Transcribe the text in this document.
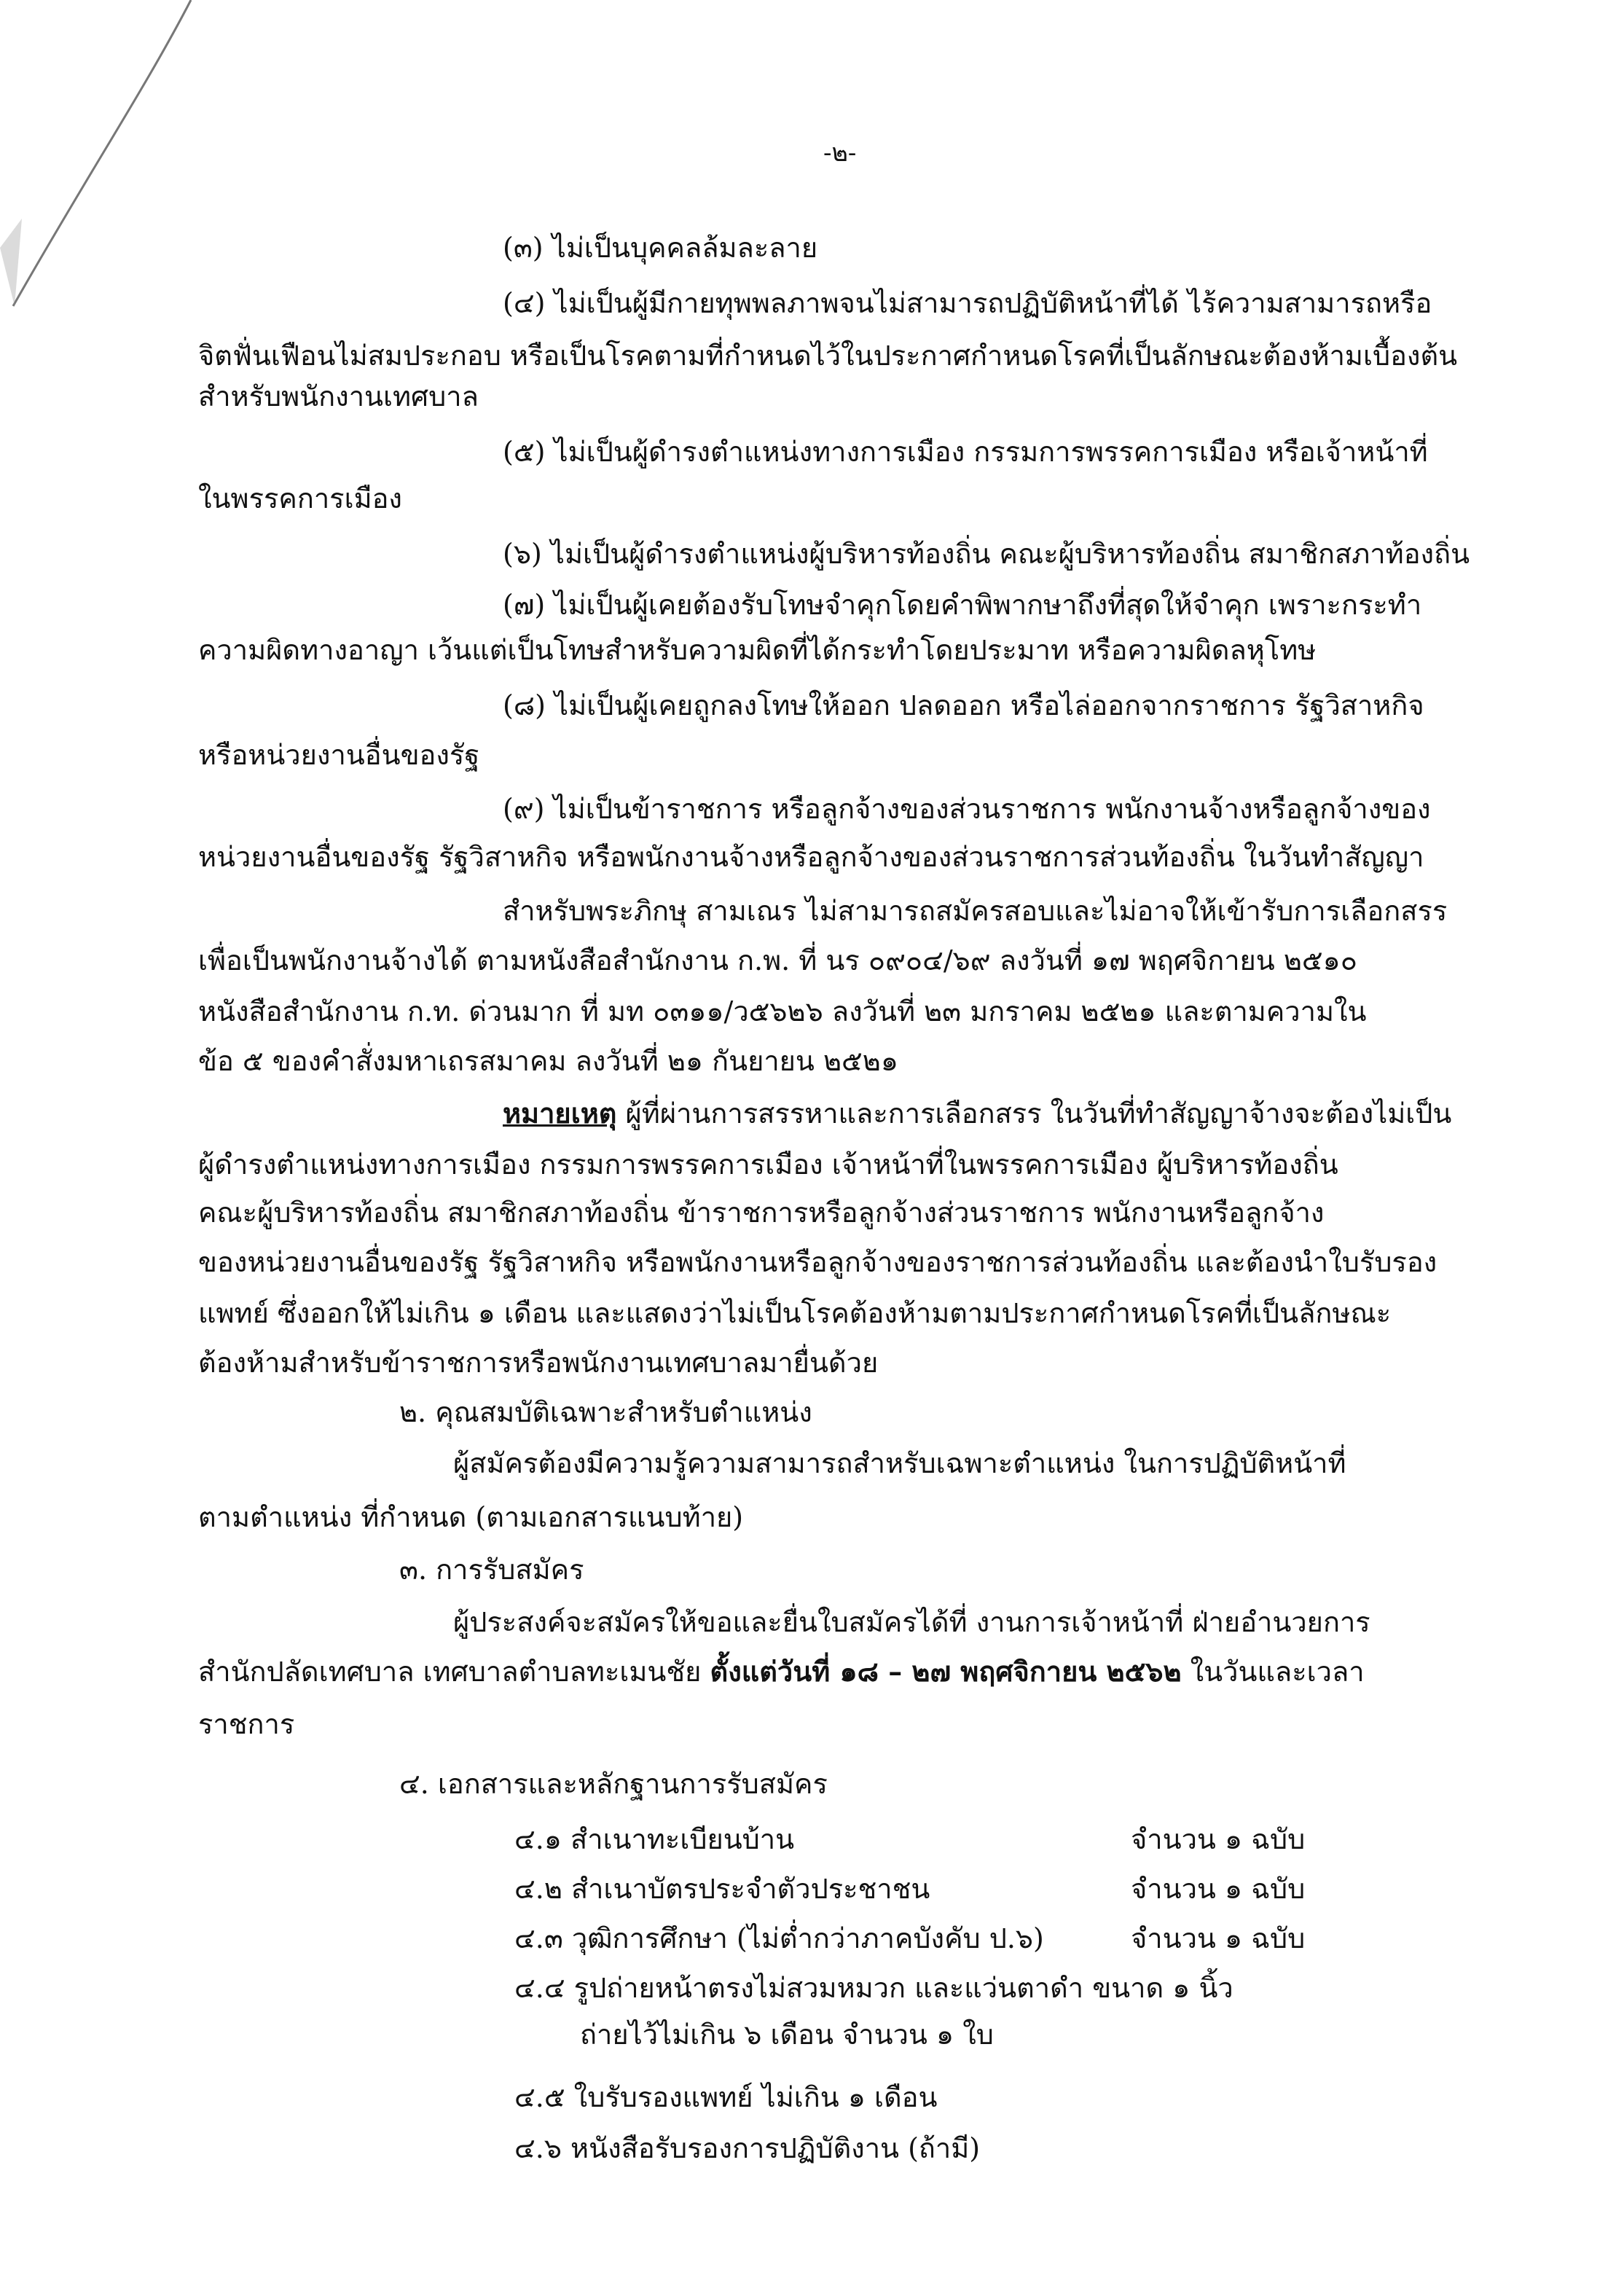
-๒-

(๓) ไม่เป็นบุคคลล้มละลาย

(๔) ไม่เป็นผู้มีกายทุพพลภาพจนไม่สามารถปฏิบัติหน้าที่ได้ ไร้ความสามารถหรือ

จิตฟั่นเฟือนไม่สมประกอบ หรือเป็นโรคตามที่กำหนดไว้ในประกาศกำหนดโรคที่เป็นลักษณะต้องห้ามเบื้องต้น

สำหรับพนักงานเทศบาล

(๕) ไม่เป็นผู้ดำรงตำแหน่งทางการเมือง กรรมการพรรคการเมือง หรือเจ้าหน้าที่

ในพรรคการเมือง

(๖) ไม่เป็นผู้ดำรงตำแหน่งผู้บริหารท้องถิ่น คณะผู้บริหารท้องถิ่น สมาชิกสภาท้องถิ่น

(๗) ไม่เป็นผู้เคยต้องรับโทษจำคุกโดยคำพิพากษาถึงที่สุดให้จำคุก เพราะกระทำ

ความผิดทางอาญา เว้นแต่เป็นโทษสำหรับความผิดที่ได้กระทำโดยประมาท หรือความผิดลหุโทษ

(๘) ไม่เป็นผู้เคยถูกลงโทษให้ออก ปลดออก หรือไล่ออกจากราชการ รัฐวิสาหกิจ

หรือหน่วยงานอื่นของรัฐ

(๙) ไม่เป็นข้าราชการ หรือลูกจ้างของส่วนราชการ พนักงานจ้างหรือลูกจ้างของ

หน่วยงานอื่นของรัฐ รัฐวิสาหกิจ หรือพนักงานจ้างหรือลูกจ้างของส่วนราชการส่วนท้องถิ่น ในวันทำสัญญา

สำหรับพระภิกษุ สามเณร ไม่สามารถสมัครสอบและไม่อาจให้เข้ารับการเลือกสรร

เพื่อเป็นพนักงานจ้างได้ ตามหนังสือสำนักงาน ก.พ. ที่ นร ๐๙๐๔/๖๙ ลงวันที่ ๑๗ พฤศจิกายน ๒๕๑๐

หนังสือสำนักงาน ก.ท. ด่วนมาก ที่ มท ๐๓๑๑/ว๕๖๒๖ ลงวันที่ ๒๓ มกราคม ๒๕๒๑ และตามความใน

ข้อ ๕ ของคำสั่งมหาเถรสมาคม ลงวันที่ ๒๑ กันยายน ๒๕๒๑

หมายเหตุ ผู้ที่ผ่านการสรรหาและการเลือกสรร ในวันที่ทำสัญญาจ้างจะต้องไม่เป็น

ผู้ดำรงตำแหน่งทางการเมือง กรรมการพรรคการเมือง เจ้าหน้าที่ในพรรคการเมือง ผู้บริหารท้องถิ่น

คณะผู้บริหารท้องถิ่น สมาชิกสภาท้องถิ่น ข้าราชการหรือลูกจ้างส่วนราชการ พนักงานหรือลูกจ้าง

ของหน่วยงานอื่นของรัฐ รัฐวิสาหกิจ หรือพนักงานหรือลูกจ้างของราชการส่วนท้องถิ่น และต้องนำใบรับรอง

แพทย์ ซึ่งออกให้ไม่เกิน ๑ เดือน และแสดงว่าไม่เป็นโรคต้องห้ามตามประกาศกำหนดโรคที่เป็นลักษณะ

ต้องห้ามสำหรับข้าราชการหรือพนักงานเทศบาลมายื่นด้วย

๒. คุณสมบัติเฉพาะสำหรับตำแหน่ง

ผู้สมัครต้องมีความรู้ความสามารถสำหรับเฉพาะตำแหน่ง ในการปฏิบัติหน้าที่

ตามตำแหน่ง ที่กำหนด (ตามเอกสารแนบท้าย)

๓. การรับสมัคร

ผู้ประสงค์จะสมัครให้ขอและยื่นใบสมัครได้ที่ งานการเจ้าหน้าที่ ฝ่ายอำนวยการ

สำนักปลัดเทศบาล เทศบาลตำบลทะเมนชัย ตั้งแต่วันที่ ๑๘ – ๒๗ พฤศจิกายน ๒๕๖๒ ในวันและเวลา

ราชการ

๔. เอกสารและหลักฐานการรับสมัคร

๔.๑ สำเนาทะเบียนบ้าน	จำนวน ๑ ฉบับ

๔.๒ สำเนาบัตรประจำตัวประชาชน	จำนวน ๑ ฉบับ

๔.๓ วุฒิการศึกษา (ไม่ต่ำกว่าภาคบังคับ ป.๖)	จำนวน ๑ ฉบับ

๔.๔ รูปถ่ายหน้าตรงไม่สวมหมวก และแว่นตาดำ ขนาด ๑ นิ้ว

ถ่ายไว้ไม่เกิน ๖ เดือน จำนวน ๑ ใบ

๔.๕ ใบรับรองแพทย์ ไม่เกิน ๑ เดือน

๔.๖ หนังสือรับรองการปฏิบัติงาน (ถ้ามี)
